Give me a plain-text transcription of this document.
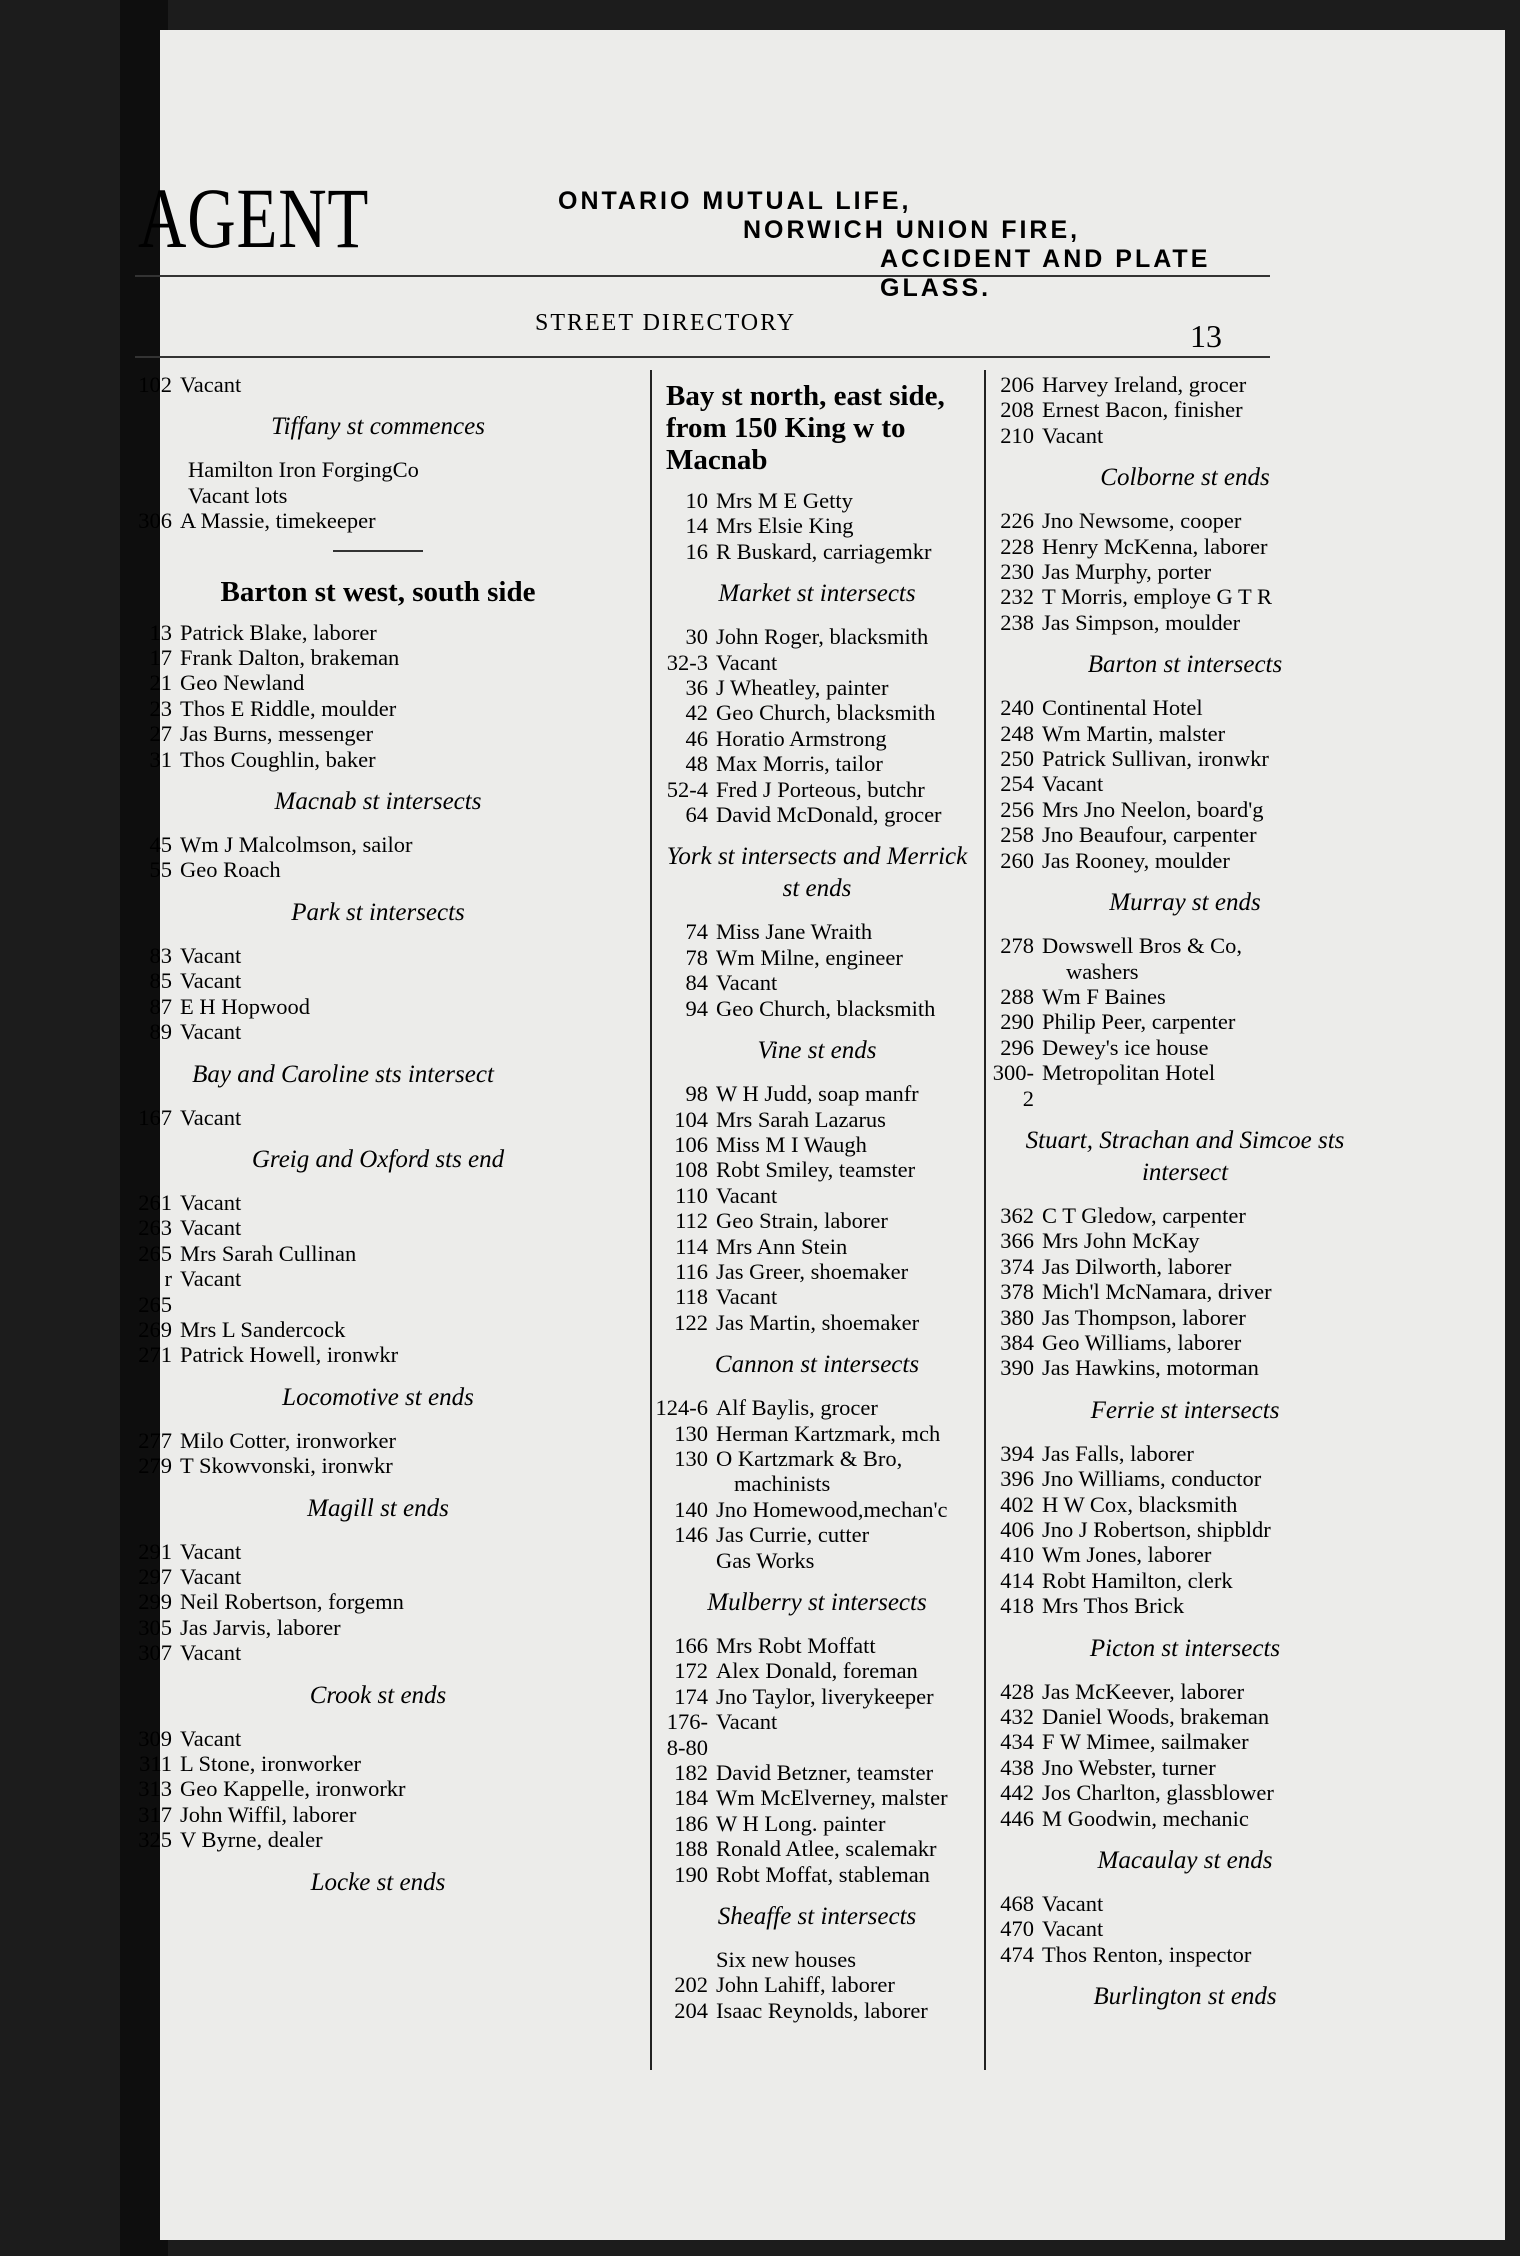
AGENT	ONTARIO MUTUAL LIFE,
NORWICH UNION FIRE,
ACCIDENT AND PLATE GLASS.
STREET DIRECTORY	13
102 Vacant
Tiffany st commences
Hamilton Iron ForgingCo
Vacant lots
306 A Massie, timekeeper
Barton st west, south side
13 Patrick Blake, laborer
17 Frank Dalton, brakeman
21 Geo Newland
23 Thos E Riddle, moulder
27 Jas Burns, messenger
31 Thos Coughlin, baker
Macnab st intersects
45 Wm J Malcolmson, sailor
55 Geo Roach
Park st intersects
83 Vacant
85 Vacant
87 E H Hopwood
89 Vacant
Bay and Caroline sts intersect
167 Vacant
Greig and Oxford sts end
261 Vacant
263 Vacant
265 Mrs Sarah Cullinan
r 265
Vacant
269 Mrs L Sandercock
271 Patrick Howell, ironwkr
Locomotive st ends
277 Milo Cotter, ironworker
279 T Skowvonski, ironwkr
Magill st ends
291 Vacant
297 Vacant
299 Neil Robertson, forgemn
305 Jas Jarvis, laborer
307 Vacant
Crook st ends
309 Vacant
311 L Stone, ironworker
313 Geo Kappelle, ironworkr
317 John Wiffil, laborer
325 V Byrne, dealer
Locke st ends
Bay st north, east side, from 150 King w to Macnab
10 Mrs M E Getty
14 Mrs Elsie King
16 R Buskard, carriagemkr
Market st intersects
30 John Roger, blacksmith
32-3 Vacant
36 J Wheatley, painter
42 Geo Church, blacksmith
46 Horatio Armstrong
48 Max Morris, tailor
52-4 Fred J Porteous, butchr
64 David McDonald, grocer
York st intersects and Merrick st ends
74 Miss Jane Wraith
78 Wm Milne, engineer
84 Vacant
94 Geo Church, blacksmith
Vine st ends
98 W H Judd, soap manfr
104 Mrs Sarah Lazarus
106 Miss M I Waugh
108 Robt Smiley, teamster
110 Vacant
112 Geo Strain, laborer
114 Mrs Ann Stein
116 Jas Greer, shoemaker
118 Vacant
122 Jas Martin, shoemaker
Cannon st intersects
124-6 Alf Baylis, grocer
130 Herman Kartzmark, mch
130 O Kartzmark & Bro,
machinists
140 Jno Homewood,mechan'c
146 Jas Currie, cutter
Gas Works
Mulberry st intersects
166 Mrs Robt Moffatt
172 Alex Donald, foreman
174 Jno Taylor, liverykeeper
176-8-80
Vacant
182 David Betzner, teamster
184 Wm McElverney, malster
186 W H Long. painter
188 Ronald Atlee, scalemakr
190 Robt Moffat, stableman
Sheaffe st intersects
Six new houses
202 John Lahiff, laborer
204 Isaac Reynolds, laborer
206 Harvey Ireland, grocer
208 Ernest Bacon, finisher
210 Vacant
Colborne st ends
226 Jno Newsome, cooper
228 Henry McKenna, laborer
230 Jas Murphy, porter
232 T Morris, employe G T R
238 Jas Simpson, moulder
Barton st intersects
240 Continental Hotel
248 Wm Martin, malster
250 Patrick Sullivan, ironwkr
254 Vacant
256 Mrs Jno Neelon, board'g
258 Jno Beaufour, carpenter
260 Jas Rooney, moulder
Murray st ends
278 Dowswell Bros & Co,
washers
288 Wm F Baines
290 Philip Peer, carpenter
296 Dewey's ice house
300-2
Metropolitan Hotel
Stuart, Strachan and Simcoe sts intersect
362 C T Gledow, carpenter
366 Mrs John McKay
374 Jas Dilworth, laborer
378 Mich'l McNamara, driver
380 Jas Thompson, laborer
384 Geo Williams, laborer
390 Jas Hawkins, motorman
Ferrie st intersects
394 Jas Falls, laborer
396 Jno Williams, conductor
402 H W Cox, blacksmith
406 Jno J Robertson, shipbldr
410 Wm Jones, laborer
414 Robt Hamilton, clerk
418 Mrs Thos Brick
Picton st intersects
428 Jas McKeever, laborer
432 Daniel Woods, brakeman
434 F W Mimee, sailmaker
438 Jno Webster, turner
442 Jos Charlton, glassblower
446 M Goodwin, mechanic
Macaulay st ends
468 Vacant
470 Vacant
474 Thos Renton, inspector
Burlington st ends
